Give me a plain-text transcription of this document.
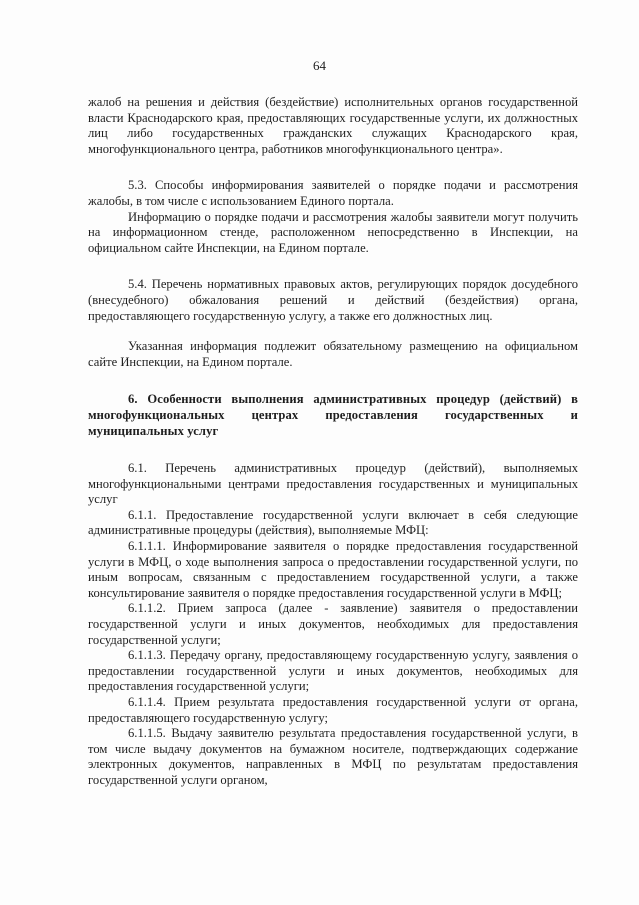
64

жалоб на решения и действия (бездействие) исполнительных органов государственной власти Краснодарского края, предоставляющих государственные услуги, их должностных лиц либо государственных гражданских служащих Краснодарского края, многофункционального центра, работников многофункционального центра».

5.3. Способы информирования заявителей о порядке подачи и рассмотрения жалобы, в том числе с использованием Единого портала.

Информацию о порядке подачи и рассмотрения жалобы заявители могут получить на информационном стенде, расположенном непосредственно в Инспекции, на официальном сайте Инспекции, на Едином портале.

5.4. Перечень нормативных правовых актов, регулирующих порядок досудебного (внесудебного) обжалования решений и действий (бездействия) органа, предоставляющего государственную услугу, а также его должностных лиц.

Указанная информация подлежит обязательному размещению на официальном сайте Инспекции, на Едином портале.

6. Особенности выполнения административных процедур (действий) в многофункциональных центрах предоставления государственных и муниципальных услуг

6.1. Перечень административных процедур (действий), выполняемых многофункциональными центрами предоставления государственных и муниципальных услуг

6.1.1. Предоставление государственной услуги включает в себя следующие административные процедуры (действия), выполняемые МФЦ:

6.1.1.1. Информирование заявителя о порядке предоставления государственной услуги в МФЦ, о ходе выполнения запроса о предоставлении государственной услуги, по иным вопросам, связанным с предоставлением государственной услуги, а также консультирование заявителя о порядке предоставления государственной услуги в МФЦ;

6.1.1.2. Прием запроса (далее - заявление) заявителя о предоставлении государственной услуги и иных документов, необходимых для предоставления государственной услуги;

6.1.1.3. Передачу органу, предоставляющему государственную услугу, заявления о предоставлении государственной услуги и иных документов, необходимых для предоставления государственной услуги;

6.1.1.4. Прием результата предоставления государственной услуги от органа, предоставляющего государственную услугу;

6.1.1.5. Выдачу заявителю результата предоставления государственной услуги, в том числе выдачу документов на бумажном носителе, подтверждающих содержание электронных документов, направленных в МФЦ по результатам предоставления государственной услуги органом,
